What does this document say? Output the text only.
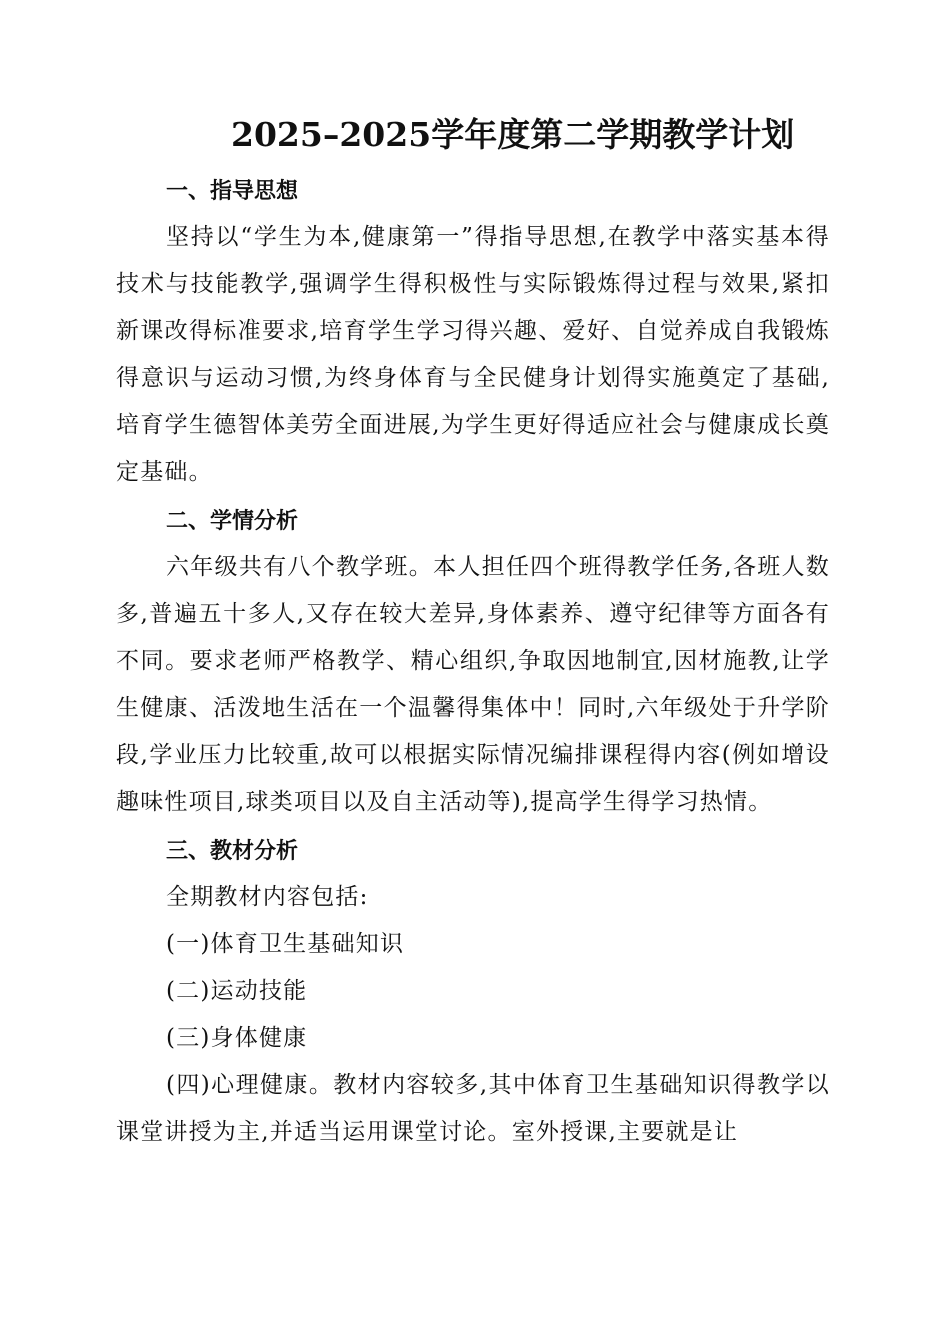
2025–2025学年度第二学期教学计划
一、指导思想

坚持以“学生为本,健康第一”得指导思想,在教学中落实基本得技术与技能教学,强调学生得积极性与实际锻炼得过程与效果,紧扣新课改得标准要求,培育学生学习得兴趣、爱好、自觉养成自我锻炼得意识与运动习惯,为终身体育与全民健身计划得实施奠定了基础,培育学生德智体美劳全面进展,为学生更好得适应社会与健康成长奠定基础。

二、学情分析

六年级共有八个教学班。本人担任四个班得教学任务,各班人数多,普遍五十多人,又存在较大差异,身体素养、遵守纪律等方面各有不同。要求老师严格教学、精心组织,争取因地制宜,因材施教,让学生健康、活泼地生活在一个温馨得集体中！同时,六年级处于升学阶段,学业压力比较重,故可以根据实际情况编排课程得内容(例如增设趣味性项目,球类项目以及自主活动等),提高学生得学习热情。

三、教材分析

全期教材内容包括:

(一)体育卫生基础知识

(二)运动技能

(三)身体健康

(四)心理健康。教材内容较多,其中体育卫生基础知识得教学以课堂讲授为主,并适当运用课堂讨论。室外授课,主要就是让
